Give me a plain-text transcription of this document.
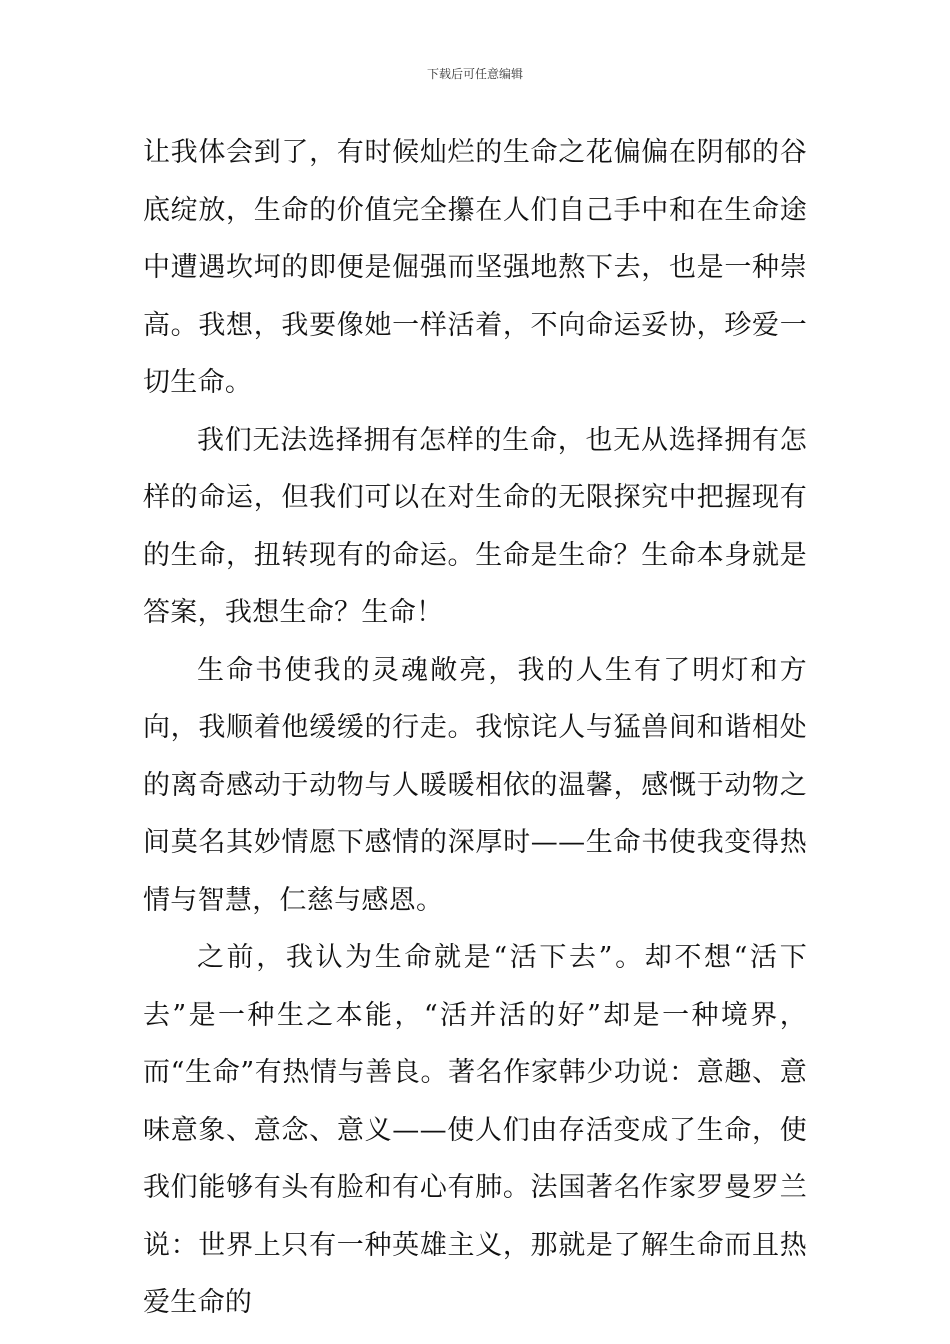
下载后可任意编辑

让我体会到了，有时候灿烂的生命之花偏偏在阴郁的谷底绽放，生命的价值完全攥在人们自己手中和在生命途中遭遇坎坷的即便是倔强而坚强地熬下去，也是一种崇高。我想，我要像她一样活着，不向命运妥协，珍爱一切生命。

我们无法选择拥有怎样的生命，也无从选择拥有怎样的命运，但我们可以在对生命的无限探究中把握现有的生命，扭转现有的命运。生命是生命？生命本身就是答案，我想生命？生命！

生命书使我的灵魂敞亮，我的人生有了明灯和方向，我顺着他缓缓的行走。我惊诧人与猛兽间和谐相处的离奇感动于动物与人暖暖相依的温馨，感慨于动物之间莫名其妙情愿下感情的深厚时——生命书使我变得热情与智慧，仁慈与感恩。

之前，我认为生命就是“活下去”。却不想“活下去”是一种生之本能，“活并活的好”却是一种境界，而“生命”有热情与善良。著名作家韩少功说：意趣、意味意象、意念、意义——使人们由存活变成了生命，使我们能够有头有脸和有心有肺。法国著名作家罗曼罗兰说：世界上只有一种英雄主义，那就是了解生命而且热爱生命的
